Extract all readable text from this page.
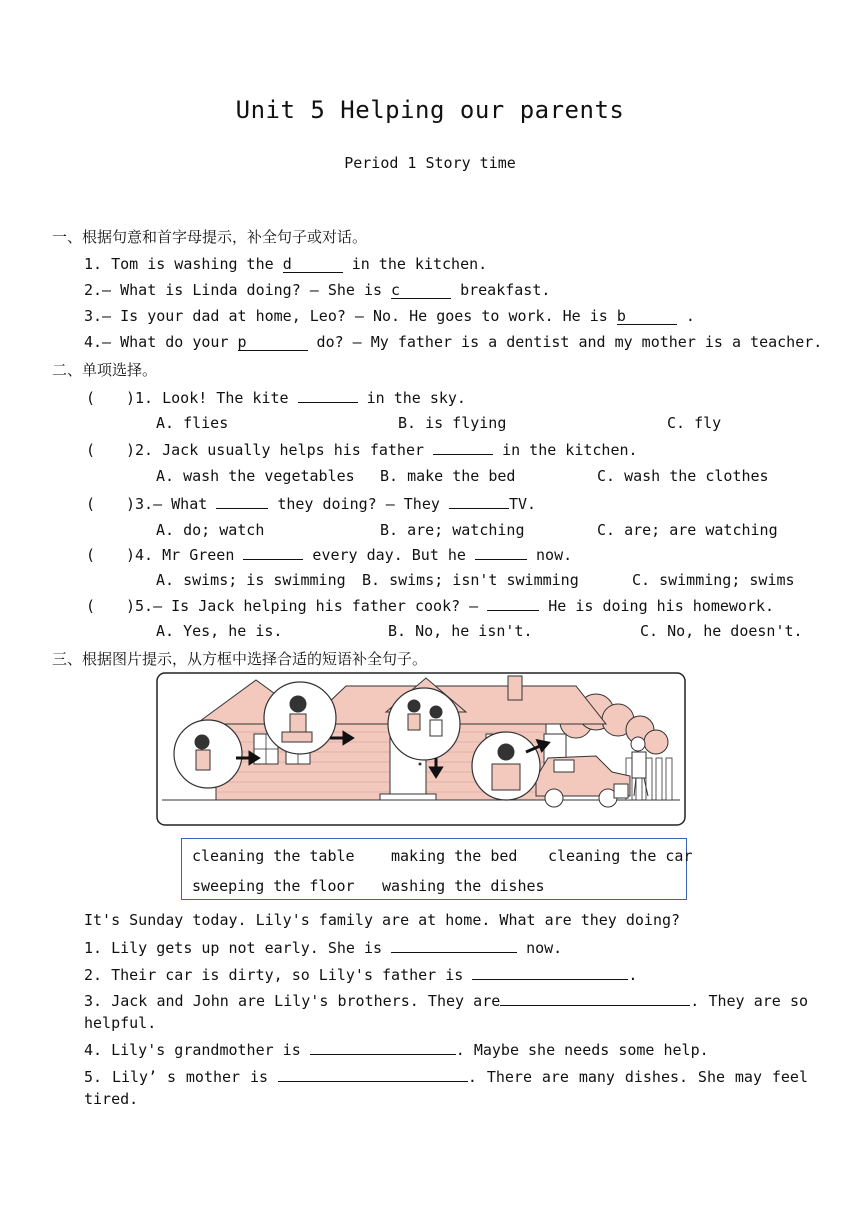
Unit 5 Helping our parents
Period 1 Story time
一、根据句意和首字母提示，补全句子或对话。
1. Tom is washing the d	in the kitchen.
2.— What is Linda doing? — She is c	breakfast.
3.— Is your dad at home, Leo? — No. He goes to work. He is b	.
4.— What do your p	do? — My father is a dentist and my mother is a teacher.
二、单项选择。
( )1. Look! The kite	in the sky.
A. flies	B. is flying	C. fly
( )2. Jack usually helps his father	in the kitchen.
A. wash the vegetables B. make the bed	C. wash the clothes
( )3.— What	they doing? — They	TV.
A. do; watch	B. are; watching	C. are; are watching
( )4. Mr Green	every day. But he	now.
A. swims; is swimming B. swims; isn't swimming	C. swimming; swims
( )5.— Is Jack helping his father cook? —	He is doing his homework.
A. Yes, he is.	B. No, he isn't.	C. No, he doesn't.
三、根据图片提示，从方框中选择合适的短语补全句子。
cleaning the table making the bed cleaning the car
sweeping the floor washing the dishes
It's Sunday today. Lily's family are at home. What are they doing?
1. Lily gets up not early. She is	now.
2. Their car is dirty, so Lily's father is	.
3. Jack and John are Lily's brothers. They are	. They are so helpful.
4. Lily's grandmother is	. Maybe she needs some help.
5. Lily’ s mother is	. There are many dishes. She may feel tired.
